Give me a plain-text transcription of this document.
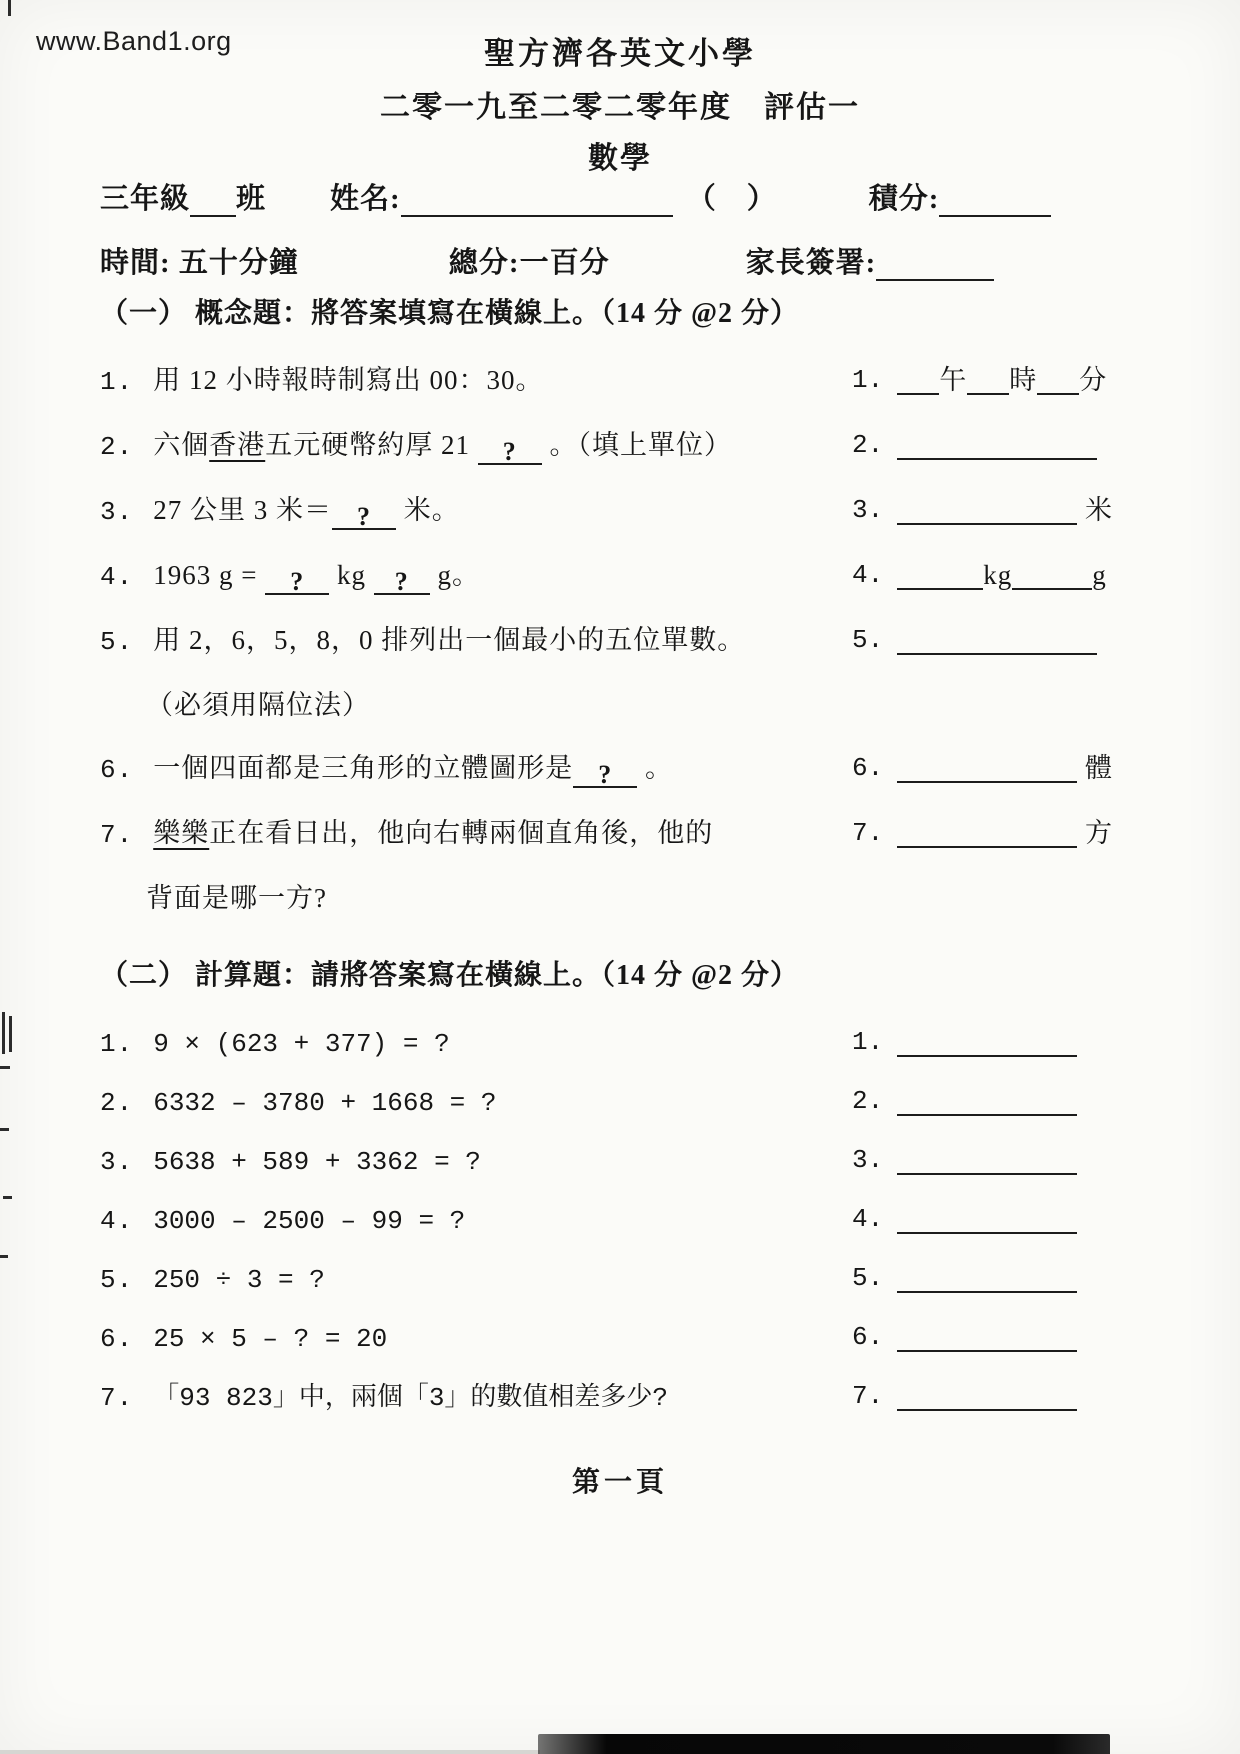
www.Band1.org	聖方濟各英文小學
二零一九至二零二零年度　評估一
數學
三年級 班 姓名:	（　）	積分:
時間: 五十分鐘	總分:一百分	家長簽署:
（一） 概念題：將答案填寫在橫線上。（14 分 @2 分）
1. 用 12 小時報時制寫出 00：30。	1.	午 時 分
2. 六個香港五元硬幣約厚 21 ? 。（填上單位）	2.
3. 27 公里 3 米＝ ? 米。	3.	米
4. 1963 g = ? kg ? g。	4.	kg	g
5. 用 2，6，5，8，0 排列出一個最小的五位單數。	5.
（必須用隔位法）
6. 一個四面都是三角形的立體圖形是 ? 。	6.	體
7. 樂樂正在看日出，他向右轉兩個直角後，他的	7.	方
背面是哪一方?
（二） 計算題：請將答案寫在橫線上。（14 分 @2 分）
1. 9 × (623 + 377) = ?	1.
2. 6332 – 3780 + 1668 = ?	2.
3. 5638 + 589 + 3362 = ?	3.
4. 3000 – 2500 – 99 = ?	4.
5. 250 ÷ 3 = ?	5.
6. 25 × 5 – ? = 20	6.
7. 「93 823」中，兩個「3」的數值相差多少?	7.
第一頁
